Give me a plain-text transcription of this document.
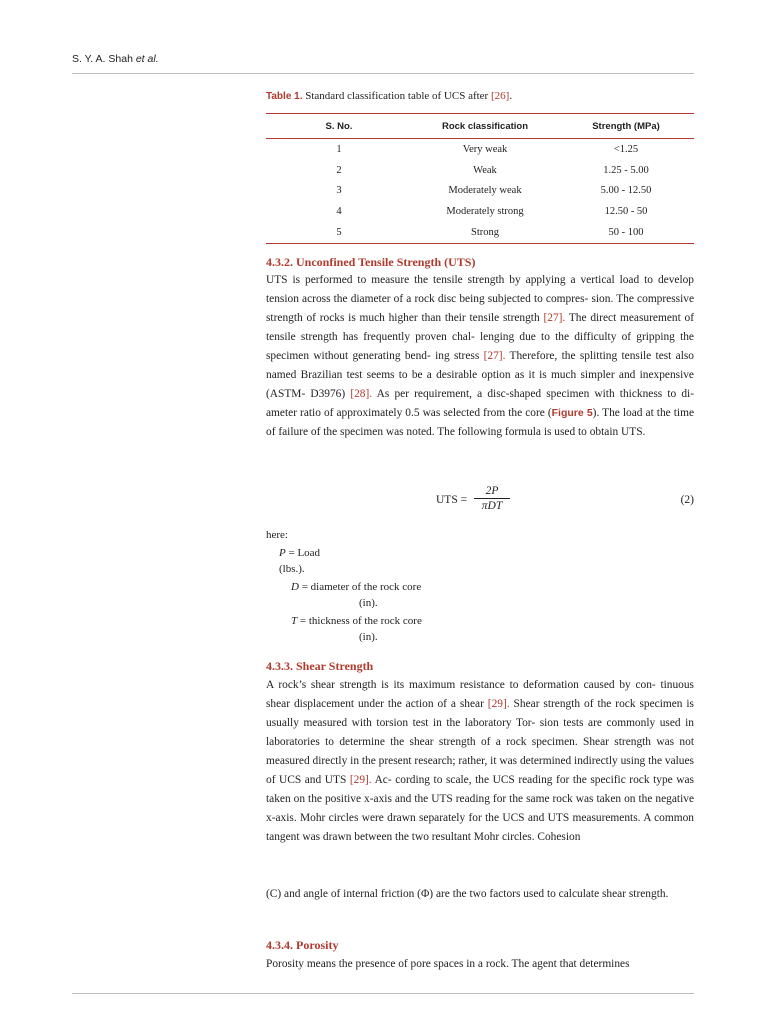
S. Y. A. Shah et al.
Table 1. Standard classification table of UCS after [26].
S. No.	Rock classification	Strength (MPa)
1	Very weak	<1.25
2	Weak	1.25 - 5.00
3	Moderately weak	5.00 - 12.50
4	Moderately strong	12.50 - 50
5	Strong	50 - 100
4.3.2. Unconfined Tensile Strength (UTS)

UTS is performed to measure the tensile strength by applying a vertical load to develop tension across the diameter of a rock disc being subjected to compres- sion. The compressive strength of rocks is much higher than their tensile strength [27]. The direct measurement of tensile strength has frequently proven chal- lenging due to the difficulty of gripping the specimen without generating bend- ing stress [27]. Therefore, the splitting tensile test also named Brazilian test seems to be a desirable option as it is much simpler and inexpensive (ASTM- D3976) [28]. As per requirement, a disc-shaped specimen with thickness to di- ameter ratio of approximately 0.5 was selected from the core (Figure 5). The load at the time of failure of the specimen was noted. The following formula is used to obtain UTS.

UTS =
2P
πDT	(2)
here:
P = Load
(lbs.).
D = diameter of the rock core
(in).
T = thickness of the rock core
(in).
4.3.3. Shear Strength

A rock’s shear strength is its maximum resistance to deformation caused by con- tinuous shear displacement under the action of a shear [29]. Shear strength of the rock specimen is usually measured with torsion test in the laboratory Tor- sion tests are commonly used in laboratories to determine the shear strength of a rock specimen. Shear strength was not measured directly in the present research; rather, it was determined indirectly using the values of UCS and UTS [29]. Ac- cording to scale, the UCS reading for the specific rock type was taken on the positive x-axis and the UTS reading for the same rock was taken on the negative x-axis. Mohr circles were drawn separately for the UCS and UTS measurements. A common tangent was drawn between the two resultant Mohr circles. Cohesion

(C) and angle of internal friction (Φ) are the two factors used to calculate shear strength.

4.3.4. Porosity

Porosity means the presence of pore spaces in a rock. The agent that determines
